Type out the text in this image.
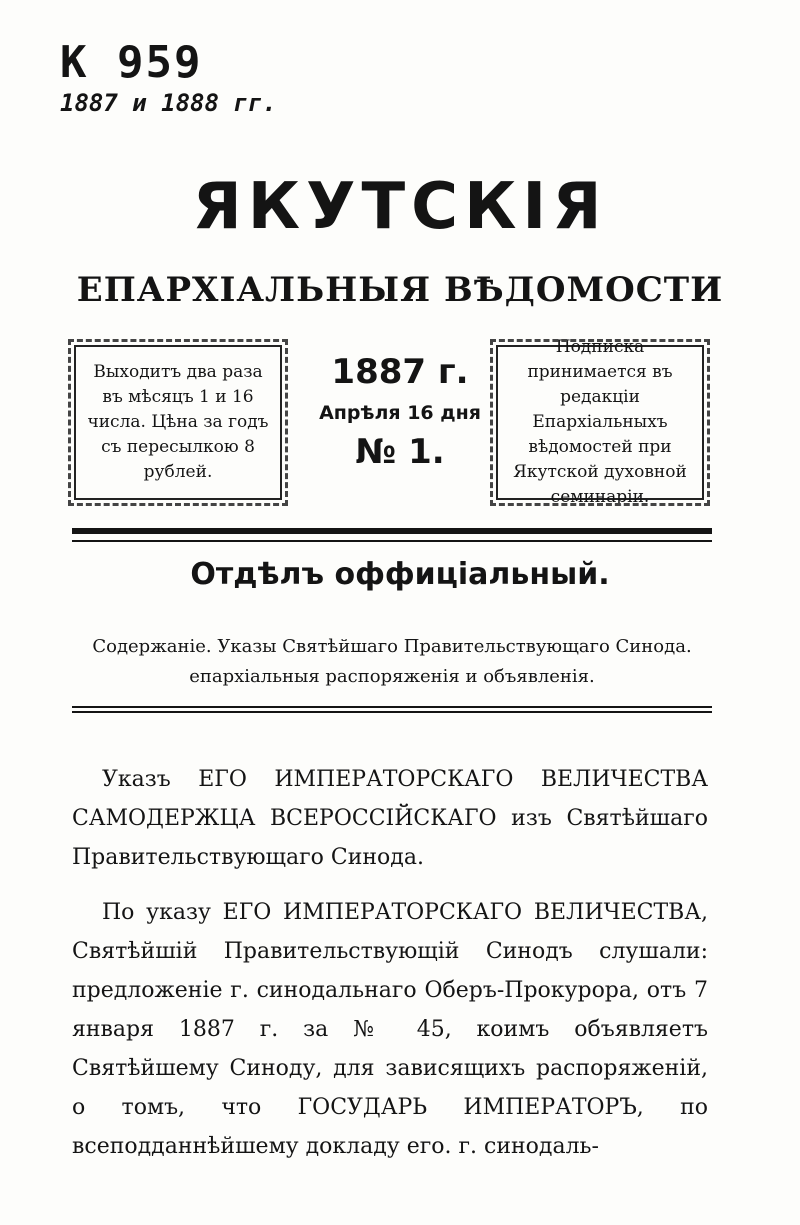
К 959
1887 и 1888 гг.
ЯКУТСКІЯ
ЕПАРХІАЛЬНЫЯ ВѢДОМОСТИ
Выходитъ два раза въ мѣсяцъ 1 и 16 числа. Цѣна за годъ съ пересылкою 8 рублей.
1887 г.
Апрѣля 16 дня
№ 1.
Подписка принимается въ редакціи Епархіальныхъ вѣдомостей при Якутской духовной семинаріи.
Отдѣлъ оффиціальный.
Содержаніе. Указы Святѣйшаго Правительствующаго Синода. епархіальныя распоряженія и объявленія.

Указъ ЕГО ИМПЕРАТОРСКАГО ВЕЛИЧЕСТВА САМОДЕРЖЦА ВСЕРОССІЙСКАГО изъ Святѣйшаго Правительствующаго Синода.

По указу ЕГО ИМПЕРАТОРСКАГО ВЕЛИЧЕСТВА, Святѣйшій Правительствующій Синодъ слушали: предложеніе г. синодальнаго Оберъ-Прокурора, отъ 7 января 1887 г. за № 45, коимъ объявляетъ Святѣйшему Синоду, для зависящихъ распоряженій, о томъ, что ГОСУДАРЬ ИМПЕРАТОРЪ, по всеподданнѣйшему докладу его. г. синодаль-
